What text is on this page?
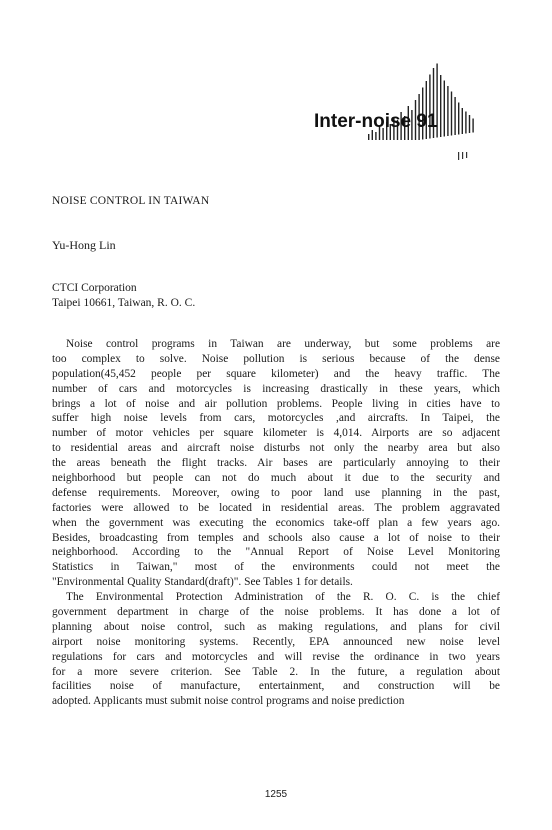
Inter-noise 91
NOISE CONTROL IN TAIWAN
Yu-Hong Lin
CTCI Corporation
Taipei 10661, Taiwan, R. O. C.
Noise control programs in Taiwan are underway, but some problems are
too complex to solve. Noise pollution is serious because of the dense
population(45,452 people per square kilometer) and the heavy traffic. The
number of cars and motorcycles is increasing drastically in these years, which
brings a lot of noise and air pollution problems. People living in cities have to
suffer high noise levels from cars, motorcycles ,and aircrafts. In Taipei, the
number of motor vehicles per square kilometer is 4,014. Airports are so adjacent
to residential areas and aircraft noise disturbs not only the nearby area but also
the areas beneath the flight tracks. Air bases are particularly annoying to their
neighborhood but people can not do much about it due to the security and
defense requirements. Moreover, owing to poor land use planning in the past,
factories were allowed to be located in residential areas. The problem aggravated
when the government was executing the economics take-off plan a few years ago.
Besides, broadcasting from temples and schools also cause a lot of noise to their
neighborhood. According to the "Annual Report of Noise Level Monitoring
Statistics in Taiwan," most of the environments could not meet the
"Environmental Quality Standard(draft)". See Tables 1 for details.
The Environmental Protection Administration of the R. O. C. is the chief
government department in charge of the noise problems. It has done a lot of
planning about noise control, such as making regulations, and plans for civil
airport noise monitoring systems. Recently, EPA announced new noise level
regulations for cars and motorcycles and will revise the ordinance in two years
for a more severe criterion. See Table 2. In the future, a regulation about
facilities noise of manufacture, entertainment, and construction will be
adopted. Applicants must submit noise control programs and noise prediction
1255
